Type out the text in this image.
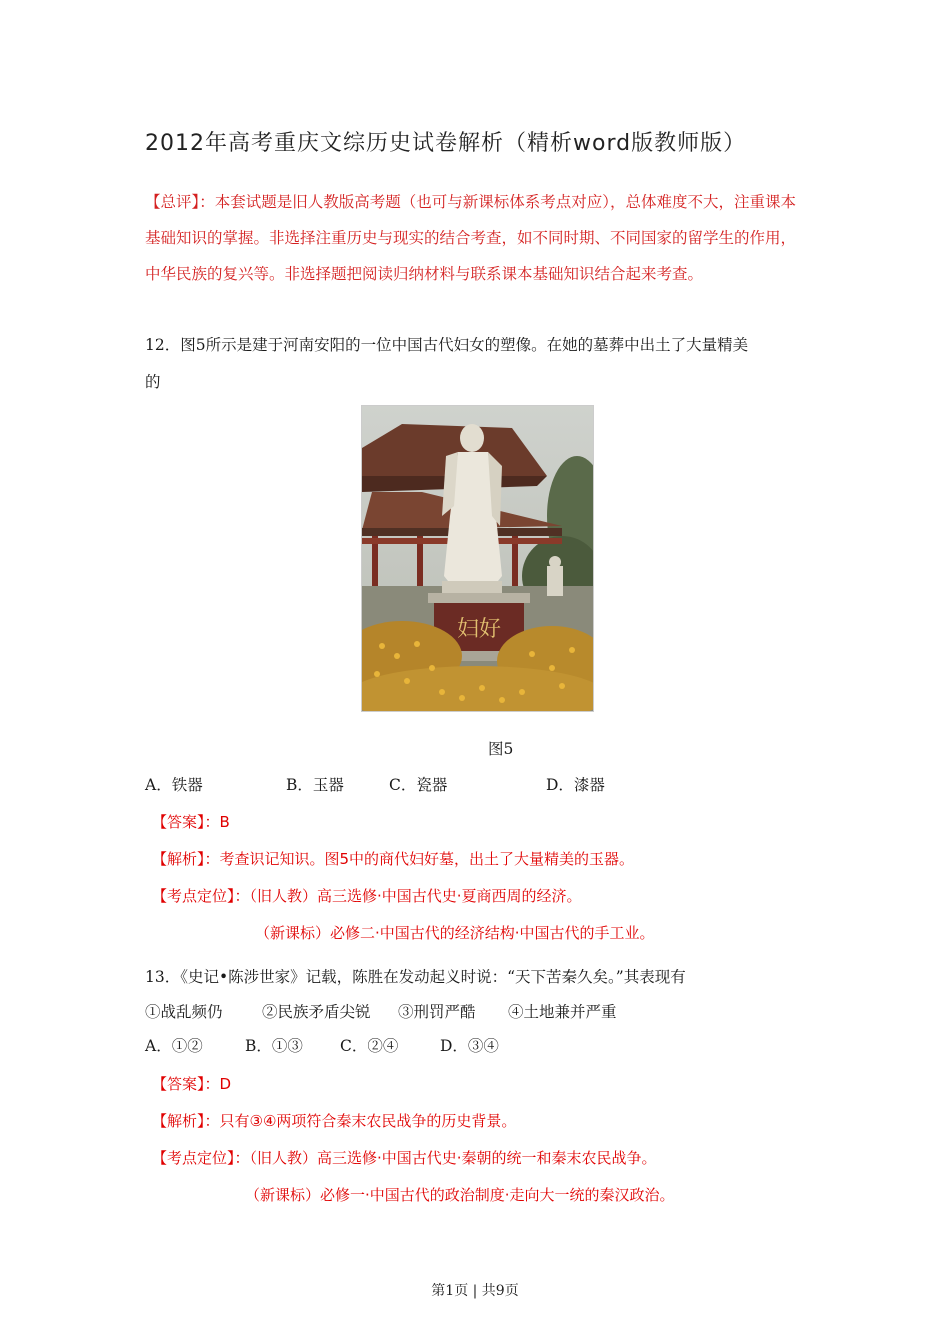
2012年高考重庆文综历史试卷解析（精析word版教师版）
【总评】：本套试题是旧人教版高考题（也可与新课标体系考点对应），总体难度不大，注重课本基础知识的掌握。非选择注重历史与现实的结合考查，如不同时期、不同国家的留学生的作用，中华民族的复兴等。非选择题把阅读归纳材料与联系课本基础知识结合起来考查。
12．图5所示是建于河南安阳的一位中国古代妇女的塑像。在她的墓葬中出土了大量精美
的
妇好
图5
A．铁器	B．玉器	C．瓷器	D．漆器
【答案】：B
【解析】：考查识记知识。图5中的商代妇好墓，出土了大量精美的玉器。
【考点定位】：（旧人教）高三选修·中国古代史·夏商西周的经济。
（新课标）必修二·中国古代的经济结构·中国古代的手工业。
13．《史记•陈涉世家》记载，陈胜在发动起义时说：“天下苦秦久矣。”其表现有
①战乱频仍	②民族矛盾尖锐 ③刑罚严酷 ④土地兼并严重
A．①②	B．①③ C．②④	D．③④
【答案】：D
【解析】：只有③④两项符合秦末农民战争的历史背景。
【考点定位】：（旧人教）高三选修·中国古代史·秦朝的统一和秦末农民战争。
（新课标）必修一·中国古代的政治制度·走向大一统的秦汉政治。
第1页 | 共9页
